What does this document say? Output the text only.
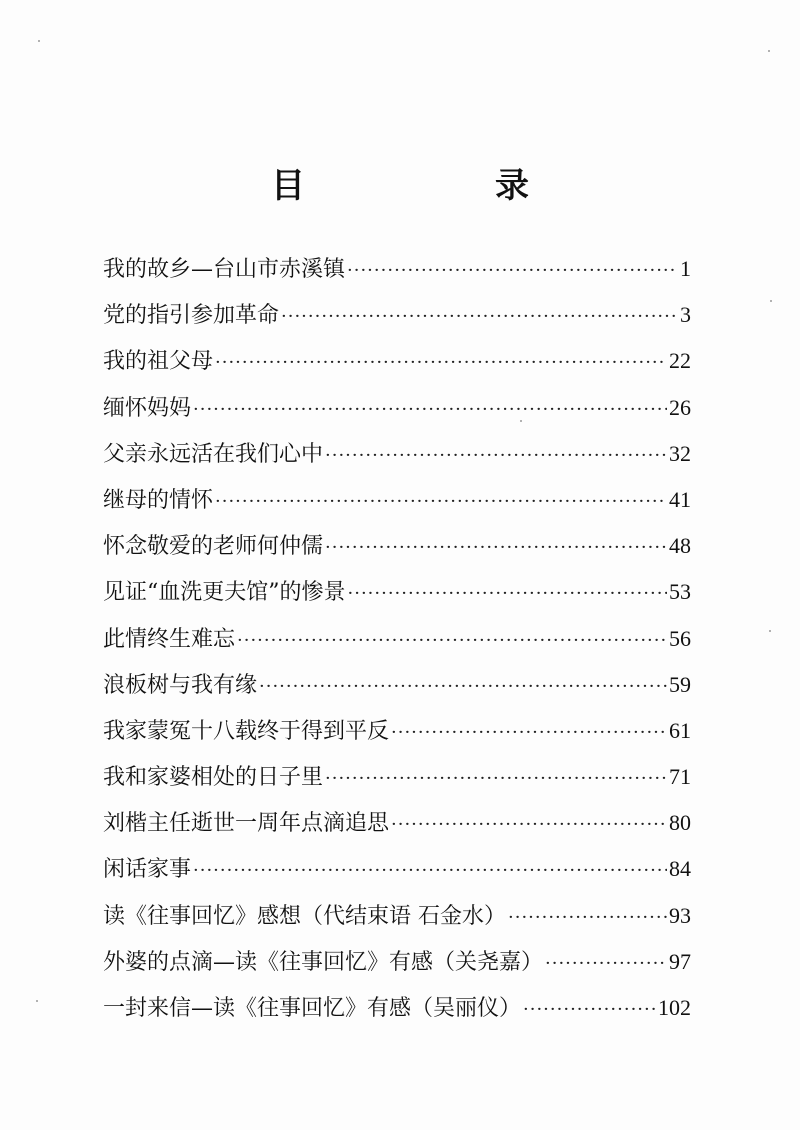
目　录
我的故乡—台山市赤溪镇 ·····	1
党的指引参加革命 ·····	3
我的祖父母 ·····	22
缅怀妈妈 ·····	26
父亲永远活在我们心中 ·····	32
继母的情怀 ·····	41
怀念敬爱的老师何仲儒 ·····	48
见证“血洗更夫馆”的惨景 ·····	53
此情终生难忘 ·····	56
浪板树与我有缘 ·····	59
我家蒙冤十八载终于得到平反 ·····	61
我和家婆相处的日子里 ·····	71
刘楷主任逝世一周年点滴追思 ·····	80
闲话家事 ·····	84
读《往事回忆》感想（代结束语 石金水） ·····	93
外婆的点滴—读《往事回忆》有感（关尧嘉） ·····	97
一封来信—读《往事回忆》有感（吴丽仪） ·····	102
